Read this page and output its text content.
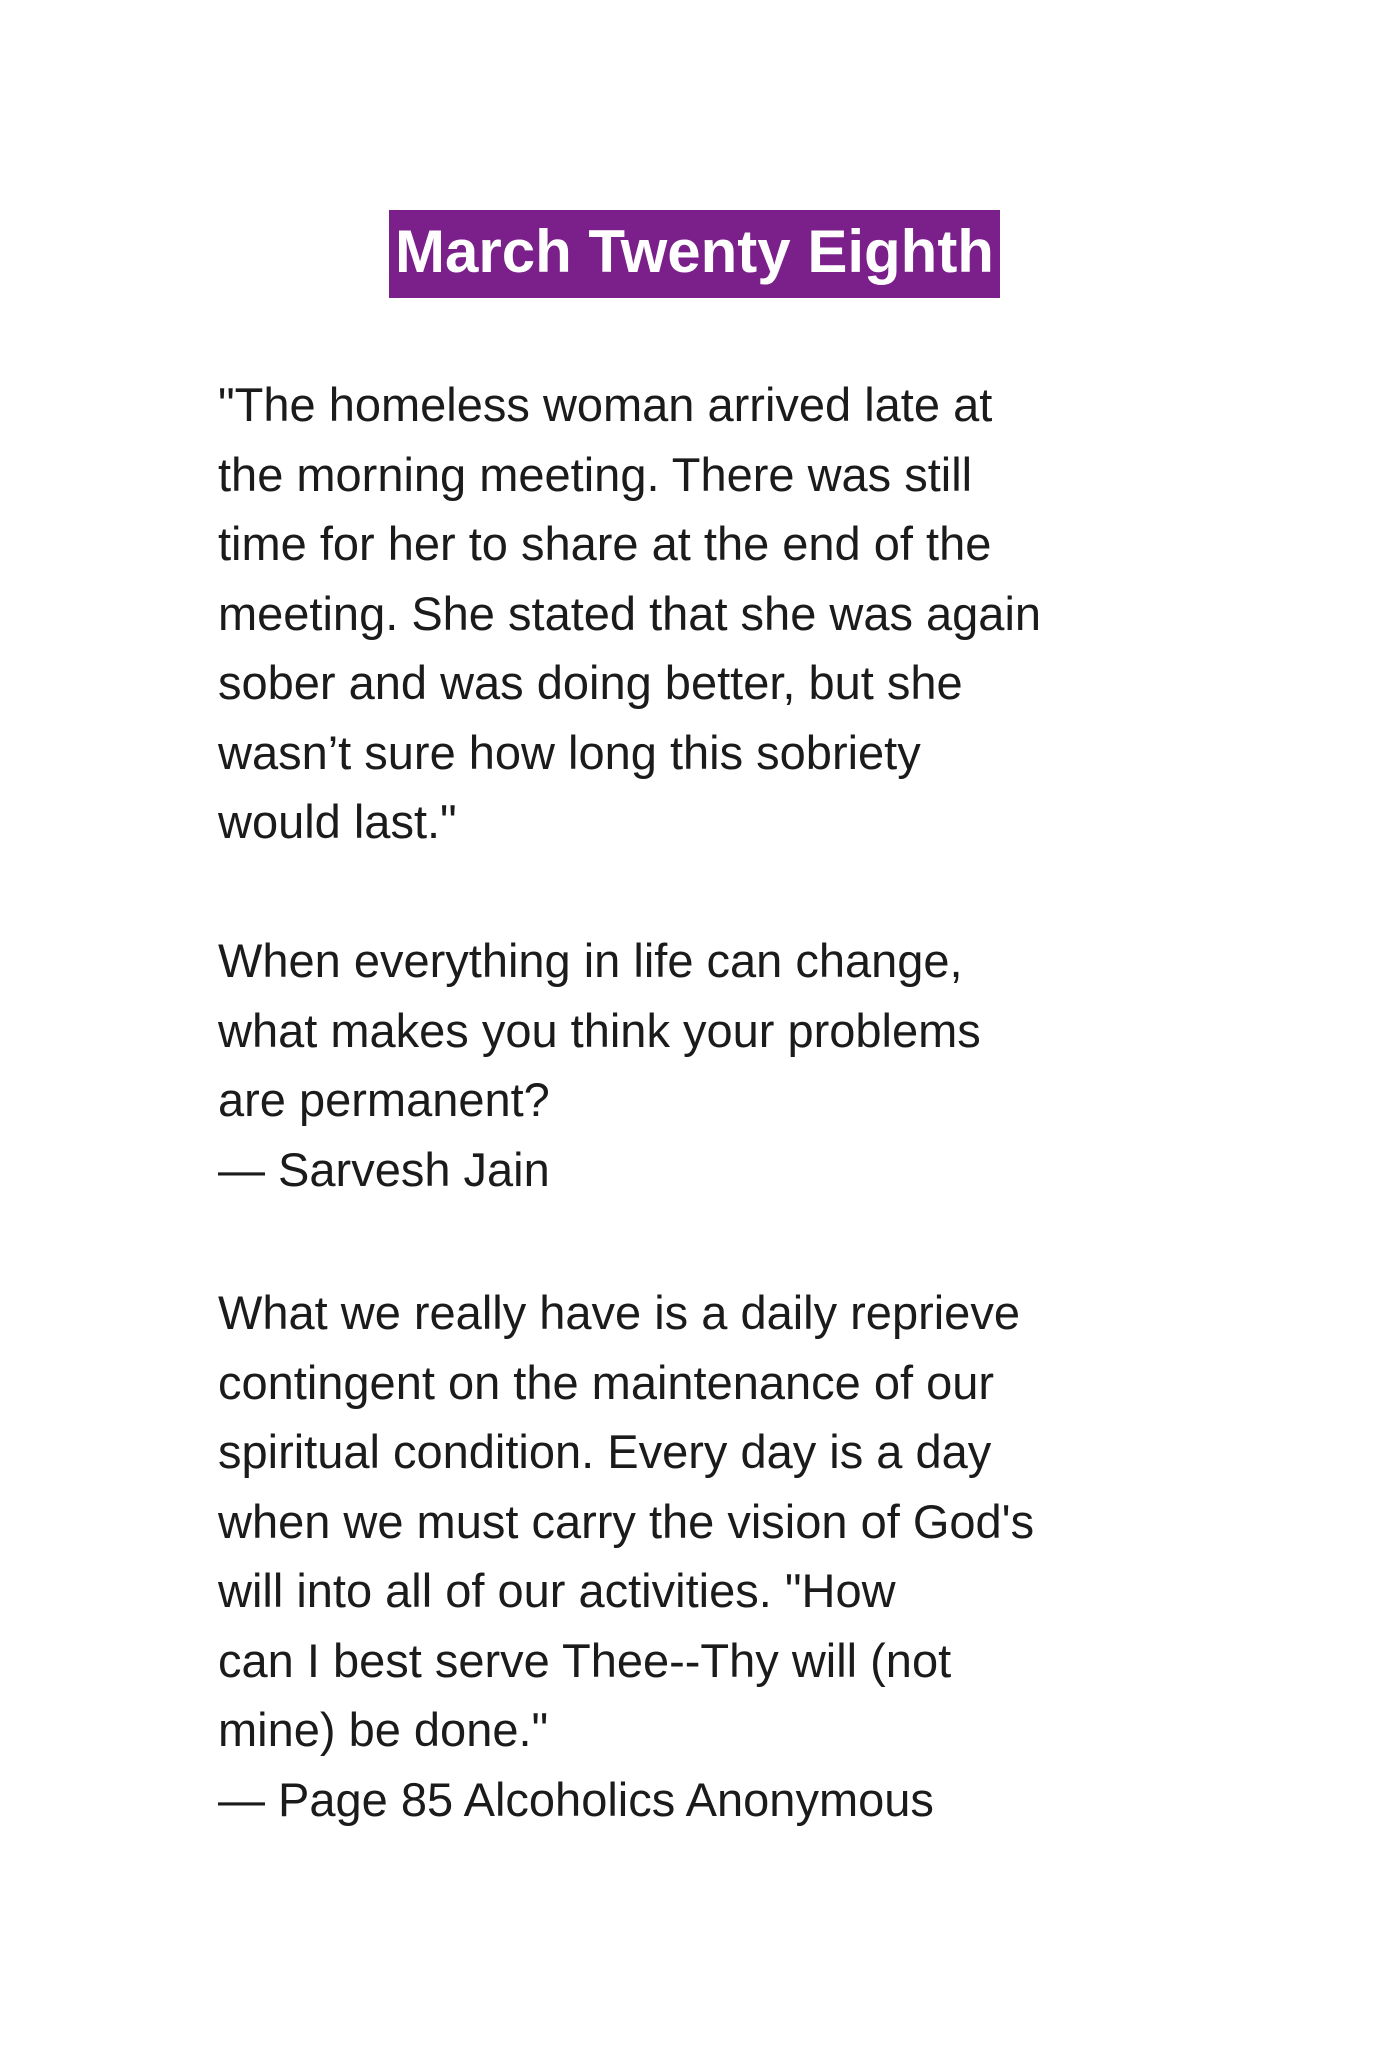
March Twenty Eighth
"The homeless woman arrived late at
the morning meeting. There was still
time for her to share at the end of the
meeting. She stated that she was again
sober and was doing better, but she
wasn’t sure how long this sobriety
would last."
When everything in life can change,
what makes you think your problems
are permanent?
— Sarvesh Jain
What we really have is a daily reprieve
contingent on the maintenance of our
spiritual condition. Every day is a day
when we must carry the vision of God's
will into all of our activities. "How
can I best serve Thee--Thy will (not
mine) be done."
— Page 85 Alcoholics Anonymous
